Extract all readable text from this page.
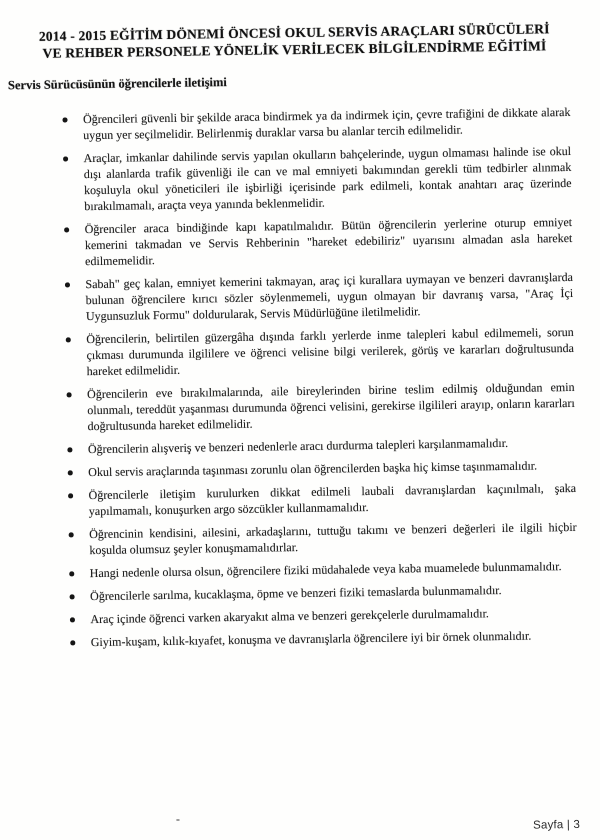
2014 - 2015 EĞİTİM DÖNEMİ ÖNCESİ OKUL SERVİS ARAÇLARI SÜRÜCÜLERİ
VE REHBER PERSONELE YÖNELİK VERİLECEK BİLGİLENDİRME EĞİTİMİ
Servis Sürücüsünün öğrencilerle iletişimi
Öğrencileri güvenli bir şekilde araca bindirmek ya da indirmek için, çevre trafiğini de dikkate alarak uygun yer seçilmelidir. Belirlenmiş duraklar varsa bu alanlar tercih edilmelidir.
Araçlar, imkanlar dahilinde servis yapılan okulların bahçelerinde, uygun olmaması halinde ise okul dışı alanlarda trafik güvenliği ile can ve mal emniyeti bakımından gerekli tüm tedbirler alınmak koşuluyla okul yöneticileri ile işbirliği içerisinde park edilmeli, kontak anahtarı araç üzerinde bırakılmamalı, araçta veya yanında beklenmelidir.
Öğrenciler araca bindiğinde kapı kapatılmalıdır. Bütün öğrencilerin yerlerine oturup emniyet kemerini takmadan ve Servis Rehberinin "hareket edebiliriz" uyarısını almadan asla hareket edilmemelidir.
Sabah" geç kalan, emniyet kemerini takmayan, araç içi kurallara uymayan ve benzeri davranışlarda bulunan öğrencilere kırıcı sözler söylenmemeli, uygun olmayan bir davranış varsa, "Araç İçi Uygunsuzluk Formu" doldurularak, Servis Müdürlüğüne iletilmelidir.
Öğrencilerin, belirtilen güzergâha dışında farklı yerlerde inme talepleri kabul edilmemeli, sorun çıkması durumunda ilgililere ve öğrenci velisine bilgi verilerek, görüş ve kararları doğrultusunda hareket edilmelidir.
Öğrencilerin eve bırakılmalarında, aile bireylerinden birine teslim edilmiş olduğundan emin olunmalı, tereddüt yaşanması durumunda öğrenci velisini, gerekirse ilgilileri arayıp, onların kararları doğrultusunda hareket edilmelidir.
Öğrencilerin alışveriş ve benzeri nedenlerle aracı durdurma talepleri karşılanmamalıdır.
Okul servis araçlarında taşınması zorunlu olan öğrencilerden başka hiç kimse taşınmamalıdır.
Öğrencilerle iletişim kurulurken dikkat edilmeli laubali davranışlardan kaçınılmalı, şaka yapılmamalı, konuşurken argo sözcükler kullanmamalıdır.
Öğrencinin kendisini, ailesini, arkadaşlarını, tuttuğu takımı ve benzeri değerleri ile ilgili hiçbir koşulda olumsuz şeyler konuşmamalıdırlar.
Hangi nedenle olursa olsun, öğrencilere fiziki müdahalede veya kaba muamelede bulunmamalıdır.
Öğrencilerle sarılma, kucaklaşma, öpme ve benzeri fiziki temaslarda bulunmamalıdır.
Araç içinde öğrenci varken akaryakıt alma ve benzeri gerekçelerle durulmamalıdır.
Giyim-kuşam, kılık-kıyafet, konuşma ve davranışlarla öğrencilere iyi bir örnek olunmalıdır.
-	Sayfa | 3
